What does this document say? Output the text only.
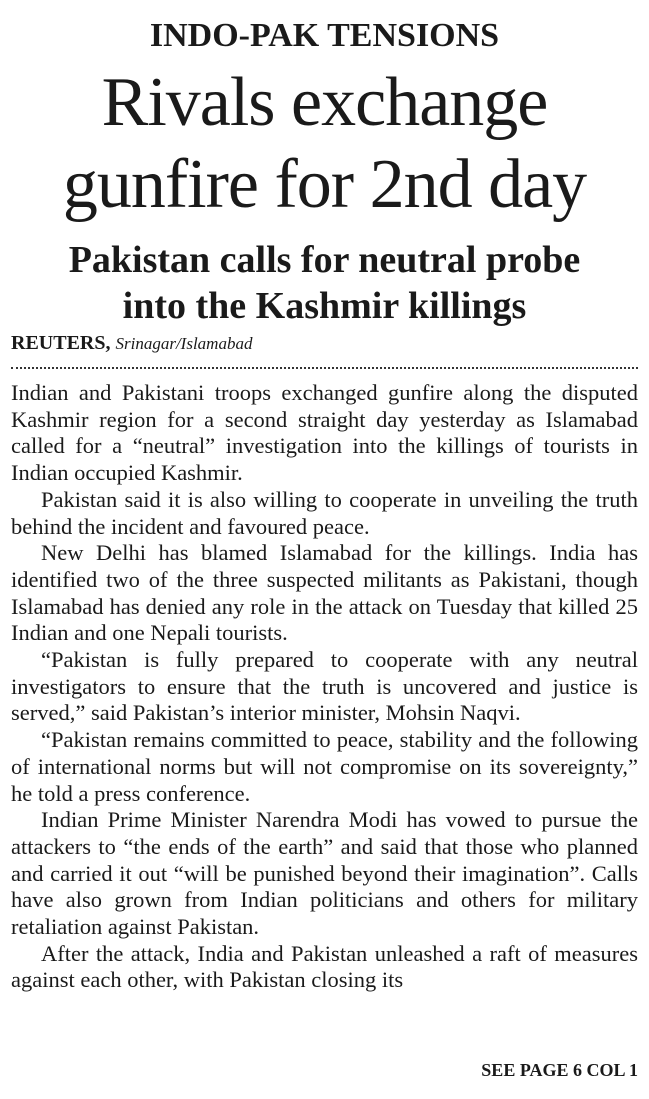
INDO-PAK TENSIONS
Rivals exchange
gunfire for 2nd day
Pakistan calls for neutral probe
into the Kashmir killings
REUTERS, Srinagar/Islamabad

Indian and Pakistani troops exchanged gunfire along the disputed Kashmir region for a second straight day yesterday as Islamabad called for a “neutral” investigation into the killings of tourists in Indian occupied Kashmir.

Pakistan said it is also willing to cooperate in unveiling the truth behind the incident and favoured peace.

New Delhi has blamed Islamabad for the killings. India has identified two of the three suspected militants as Pakistani, though Islamabad has denied any role in the attack on Tuesday that killed 25 Indian and one Nepali tourists.

“Pakistan is fully prepared to cooperate with any neutral investigators to ensure that the truth is uncovered and justice is served,” said Pakistan’s interior minister, Mohsin Naqvi.

“Pakistan remains committed to peace, stability and the following of international norms but will not compromise on its sovereignty,” he told a press conference.

Indian Prime Minister Narendra Modi has vowed to pursue the attackers to “the ends of the earth” and said that those who planned and carried it out “will be punished beyond their imagination”. Calls have also grown from Indian politicians and others for military retaliation against Pakistan.

After the attack, India and Pakistan unleashed a raft of measures against each other, with Pakistan closing its

SEE PAGE 6 COL 1
